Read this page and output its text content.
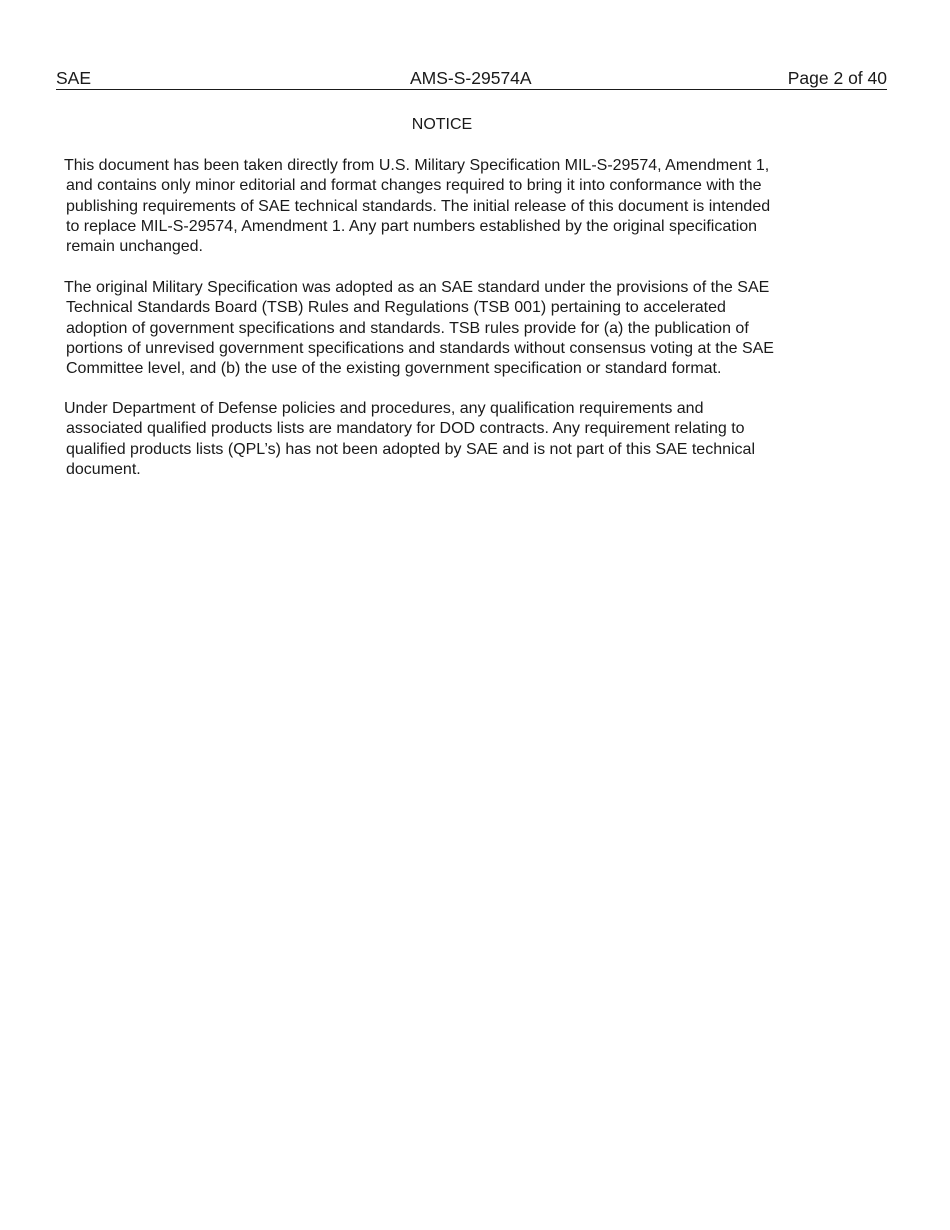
SAE	AMS-S-29574A	Page 2 of 40
NOTICE

This document has been taken directly from U.S. Military Specification MIL-S-29574, Amendment 1,
and contains only minor editorial and format changes required to bring it into conformance with the
publishing requirements of SAE technical standards. The initial release of this document is intended
to replace MIL-S-29574, Amendment 1. Any part numbers established by the original specification
remain unchanged.

The original Military Specification was adopted as an SAE standard under the provisions of the SAE
Technical Standards Board (TSB) Rules and Regulations (TSB 001) pertaining to accelerated
adoption of government specifications and standards. TSB rules provide for (a) the publication of
portions of unrevised government specifications and standards without consensus voting at the SAE
Committee level, and (b) the use of the existing government specification or standard format.

Under Department of Defense policies and procedures, any qualification requirements and
associated qualified products lists are mandatory for DOD contracts. Any requirement relating to
qualified products lists (QPL’s) has not been adopted by SAE and is not part of this SAE technical
document.
